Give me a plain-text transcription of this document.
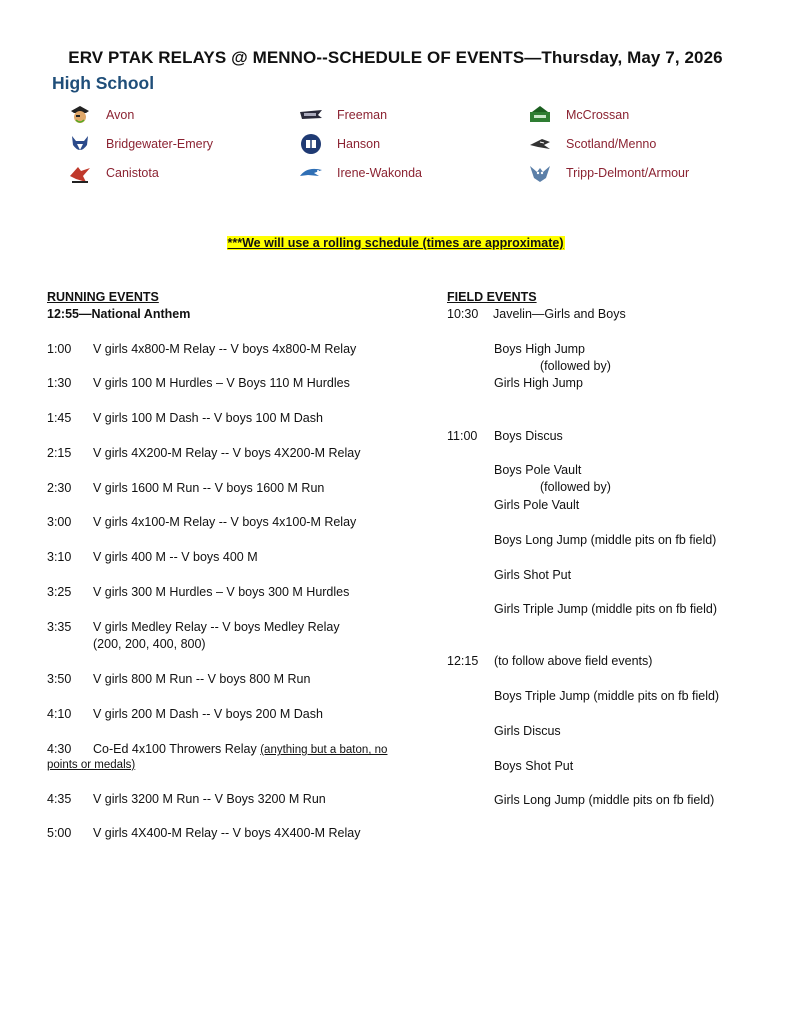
ERV PTAK RELAYS @ MENNO--SCHEDULE OF EVENTS—Thursday, May 7, 2026
High School
Avon
Bridgewater-Emery
Canistota
Freeman
Hanson
Irene-Wakonda
McCrossan
Scotland/Menno
Tripp-Delmont/Armour
***We will use a rolling schedule (times are approximate)
RUNNING EVENTS
12:55—National Anthem
1:00 V girls 4x800-M Relay -- V boys 4x800-M Relay
1:30 V girls 100 M Hurdles – V Boys 110 M Hurdles
1:45 V girls 100 M Dash -- V boys 100 M Dash
2:15 V girls 4X200-M Relay -- V boys 4X200-M Relay
2:30 V girls 1600 M Run -- V boys 1600 M Run
3:00 V girls 4x100-M Relay -- V boys 4x100-M Relay
3:10 V girls 400 M -- V boys 400 M
3:25 V girls 300 M Hurdles – V boys 300 M Hurdles
3:35 V girls Medley Relay -- V boys Medley Relay
(200, 200, 400, 800)
3:50 V girls 800 M Run -- V boys 800 M Run
4:10 V girls 200 M Dash -- V boys 200 M Dash
4:30 Co-Ed 4x100 Throwers Relay (anything but a baton, no
points or medals)
4:35 V girls 3200 M Run -- V Boys 3200 M Run
5:00 V girls 4X400-M Relay -- V boys 4X400-M Relay
FIELD EVENTS
10:30 Javelin—Girls and Boys
Boys High Jump
(followed by)
Girls High Jump
11:00 Boys Discus
Boys Pole Vault
(followed by)
Girls Pole Vault
Boys Long Jump (middle pits on fb field)
Girls Shot Put
Girls Triple Jump (middle pits on fb field)
12:15 (to follow above field events)
Boys Triple Jump (middle pits on fb field)
Girls Discus
Boys Shot Put
Girls Long Jump (middle pits on fb field)
